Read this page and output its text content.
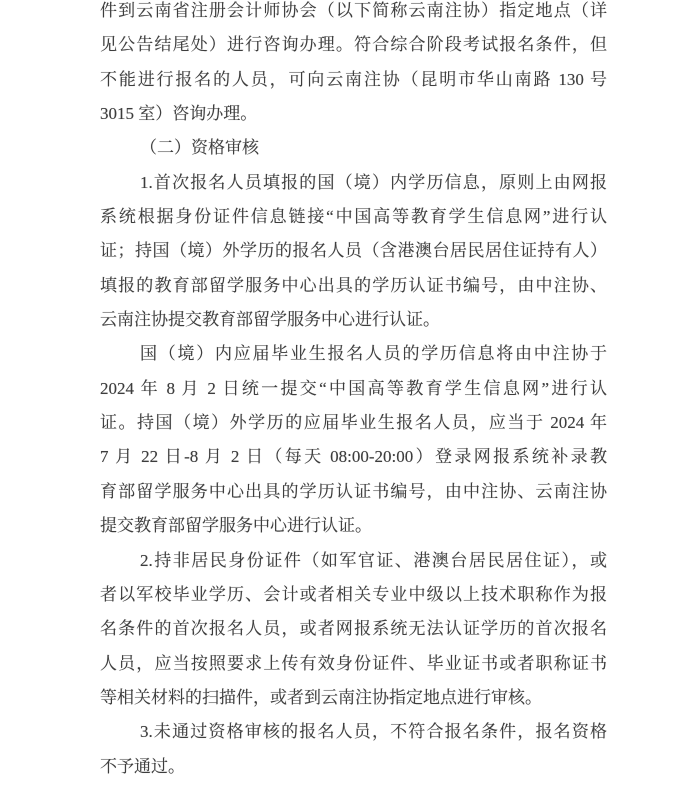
件到云南省注册会计师协会（以下简称云南注协）指定地点（详
见公告结尾处）进行咨询办理。符合综合阶段考试报名条件，但
不能进行报名的人员，可向云南注协（昆明市华山南路 130 号
3015 室）咨询办理。
（二）资格审核
1.首次报名人员填报的国（境）内学历信息，原则上由网报
系统根据身份证件信息链接“中国高等教育学生信息网”进行认
证；持国（境）外学历的报名人员（含港澳台居民居住证持有人）
填报的教育部留学服务中心出具的学历认证书编号，由中注协、
云南注协提交教育部留学服务中心进行认证。
国（境）内应届毕业生报名人员的学历信息将由中注协于
2024 年 8 月 2 日统一提交“中国高等教育学生信息网”进行认
证。持国（境）外学历的应届毕业生报名人员，应当于 2024 年
7 月 22 日-8 月 2 日（每天 08:00-20:00）登录网报系统补录教
育部留学服务中心出具的学历认证书编号，由中注协、云南注协
提交教育部留学服务中心进行认证。
2.持非居民身份证件（如军官证、港澳台居民居住证），或
者以军校毕业学历、会计或者相关专业中级以上技术职称作为报
名条件的首次报名人员，或者网报系统无法认证学历的首次报名
人员，应当按照要求上传有效身份证件、毕业证书或者职称证书
等相关材料的扫描件，或者到云南注协指定地点进行审核。
3.未通过资格审核的报名人员，不符合报名条件，报名资格
不予通过。
